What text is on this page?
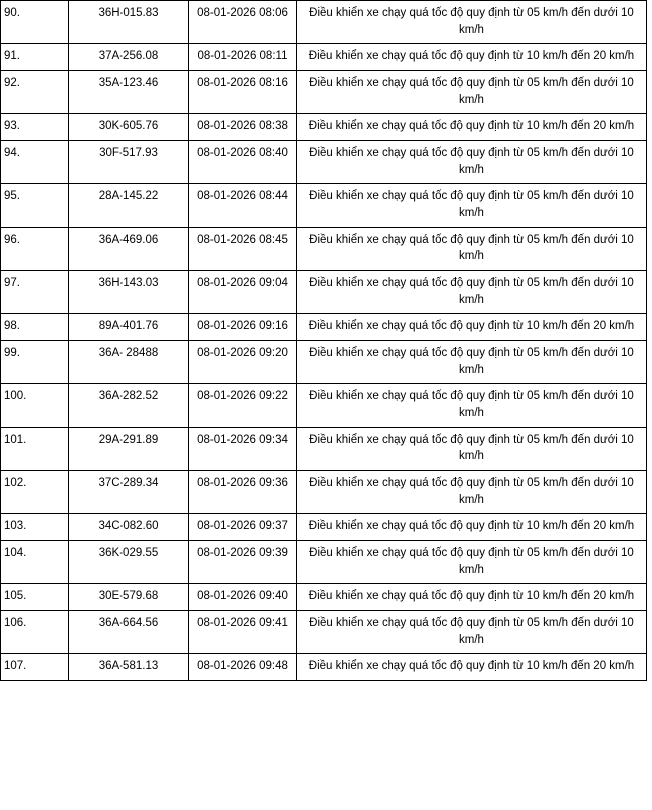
90.	36H-015.83	08-01-2026 08:06	Điều khiển xe chạy quá tốc độ quy định từ 05 km/h đến dưới 10 km/h
91.	37A-256.08	08-01-2026 08:11	Điều khiển xe chạy quá tốc độ quy định từ 10 km/h đến 20 km/h
92.	35A-123.46	08-01-2026 08:16	Điều khiển xe chạy quá tốc độ quy định từ 05 km/h đến dưới 10 km/h
93.	30K-605.76	08-01-2026 08:38	Điều khiển xe chạy quá tốc độ quy định từ 10 km/h đến 20 km/h
94.	30F-517.93	08-01-2026 08:40	Điều khiển xe chạy quá tốc độ quy định từ 05 km/h đến dưới 10 km/h
95.	28A-145.22	08-01-2026 08:44	Điều khiển xe chạy quá tốc độ quy định từ 05 km/h đến dưới 10 km/h
96.	36A-469.06	08-01-2026 08:45	Điều khiển xe chạy quá tốc độ quy định từ 05 km/h đến dưới 10 km/h
97.	36H-143.03	08-01-2026 09:04	Điều khiển xe chạy quá tốc độ quy định từ 05 km/h đến dưới 10 km/h
98.	89A-401.76	08-01-2026 09:16	Điều khiển xe chạy quá tốc độ quy định từ 10 km/h đến 20 km/h
99.	36A- 28488	08-01-2026 09:20	Điều khiển xe chạy quá tốc độ quy định từ 05 km/h đến dưới 10 km/h
100.	36A-282.52	08-01-2026 09:22	Điều khiển xe chạy quá tốc độ quy định từ 05 km/h đến dưới 10 km/h
101.	29A-291.89	08-01-2026 09:34	Điều khiển xe chạy quá tốc độ quy định từ 05 km/h đến dưới 10 km/h
102.	37C-289.34	08-01-2026 09:36	Điều khiển xe chạy quá tốc độ quy định từ 05 km/h đến dưới 10 km/h
103.	34C-082.60	08-01-2026 09:37	Điều khiển xe chạy quá tốc độ quy định từ 10 km/h đến 20 km/h
104.	36K-029.55	08-01-2026 09:39	Điều khiển xe chạy quá tốc độ quy định từ 05 km/h đến dưới 10 km/h
105.	30E-579.68	08-01-2026 09:40	Điều khiển xe chạy quá tốc độ quy định từ 10 km/h đến 20 km/h
106.	36A-664.56	08-01-2026 09:41	Điều khiển xe chạy quá tốc độ quy định từ 05 km/h đến dưới 10 km/h
107.	36A-581.13	08-01-2026 09:48	Điều khiển xe chạy quá tốc độ quy định từ 10 km/h đến 20 km/h
